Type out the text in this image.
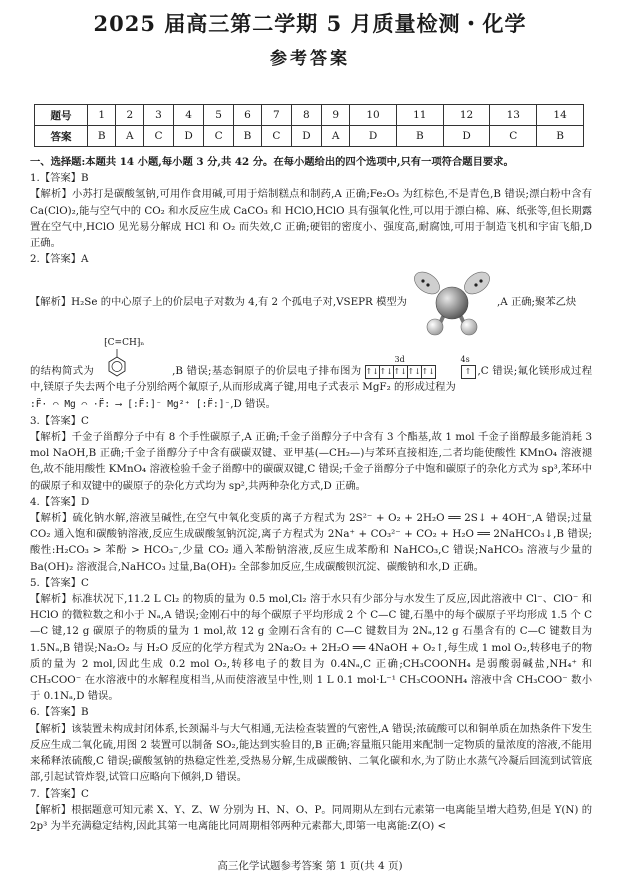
2025 届高三第二学期 5 月质量检测・化学
参考答案
题号	1	2	3	4	5	6	7	8	9	10	11	12	13	14
答案	B	A	C	D	C	B	C	D	A	D	B	D	C	B

一、选择题:本题共 14 小题,每小题 3 分,共 42 分。在每小题给出的四个选项中,只有一项符合题目要求。

1.【答案】B

【解析】小苏打是碳酸氢钠,可用作食用碱,可用于焙制糕点和制药,A 正确;Fe₂O₃ 为红棕色,不是青色,B 错误;漂白粉中含有 Ca(ClO)₂,能与空气中的 CO₂ 和水反应生成 CaCO₃ 和 HClO,HClO 具有强氧化性,可以用于漂白棉、麻、纸张等,但长期露置在空气中,HClO 见光易分解成 HCl 和 O₂ 而失效,C 正确;硬铝的密度小、强度高,耐腐蚀,可用于制造飞机和宇宙飞船,D 正确。

2.【答案】A

【解析】H₂Se 的中心原子上的价层电子对数为 4,有 2 个孤电子对,VSEPR 模型为	,A 正确;聚苯乙炔

的结构简式为
⁅C=CH⁆ₙ
,B 错误;基态铜原子的价层电子排布图为
3d	4s
↑↓↑↓↑↓↑↓↑↓	↑ ,C 错误;氟化镁形成过程中,镁原子失去两个电子分别给两个氟原子,从而形成离子键,用电子式表示 MgF₂ 的形成过程为

:F̈· ⌒ Mg ⌒ ·F̈: ⟶ [:F̈:]⁻ Mg²⁺ [:F̈:]⁻,D 错误。

3.【答案】C

【解析】千金子甾醇分子中有 8 个手性碳原子,A 正确;千金子甾醇分子中含有 3 个酯基,故 1 mol 千金子甾醇最多能消耗 3 mol NaOH,B 正确;千金子甾醇分子中含有碳碳双键、亚甲基(—CH₂—)与苯环直接相连,二者均能使酸性 KMnO₄ 溶液褪色,故不能用酸性 KMnO₄ 溶液检验千金子甾醇中的碳碳双键,C 错误;千金子甾醇分子中饱和碳原子的杂化方式为 sp³,苯环中的碳原子和双键中的碳原子的杂化方式均为 sp²,共两种杂化方式,D 正确。

4.【答案】D

【解析】硫化钠水解,溶液呈碱性,在空气中氧化变质的离子方程式为 2S²⁻ + O₂ + 2H₂O ══ 2S↓ + 4OH⁻,A 错误;过量 CO₂ 通入饱和碳酸钠溶液,反应生成碳酸氢钠沉淀,离子方程式为 2Na⁺ + CO₃²⁻ + CO₂ + H₂O ══ 2NaHCO₃↓,B 错误;酸性:H₂CO₃ > 苯酚 > HCO₃⁻,少量 CO₂ 通入苯酚钠溶液,反应生成苯酚和 NaHCO₃,C 错误;NaHCO₃ 溶液与少量的 Ba(OH)₂ 溶液混合,NaHCO₃ 过量,Ba(OH)₂ 全部参加反应,生成碳酸钡沉淀、碳酸钠和水,D 正确。

5.【答案】C

【解析】标准状况下,11.2 L Cl₂ 的物质的量为 0.5 mol,Cl₂ 溶于水只有少部分与水发生了反应,因此溶液中 Cl⁻、ClO⁻ 和 HClO 的微粒数之和小于 Nₐ,A 错误;金刚石中的每个碳原子平均形成 2 个 C—C 键,石墨中的每个碳原子平均形成 1.5 个 C—C 键,12 g 碳原子的物质的量为 1 mol,故 12 g 金刚石含有的 C—C 键数目为 2Nₐ,12 g 石墨含有的 C—C 键数目为 1.5Nₐ,B 错误;Na₂O₂ 与 H₂O 反应的化学方程式为 2Na₂O₂ + 2H₂O ══ 4NaOH + O₂↑,每生成 1 mol O₂,转移电子的物质的量为 2 mol,因此生成 0.2 mol O₂,转移电子的数目为 0.4Nₐ,C 正确;CH₃COONH₄ 是弱酸弱碱盐,NH₄⁺ 和 CH₃COO⁻ 在水溶液中的水解程度相当,从而使溶液呈中性,则 1 L 0.1 mol·L⁻¹ CH₃COONH₄ 溶液中含 CH₃COO⁻ 数小于 0.1Nₐ,D 错误。

6.【答案】B

【解析】该装置未构成封闭体系,长颈漏斗与大气相通,无法检查装置的气密性,A 错误;浓硫酸可以和铜单质在加热条件下发生反应生成二氧化硫,用图 2 装置可以制备 SO₂,能达到实验目的,B 正确;容量瓶只能用来配制一定物质的量浓度的溶液,不能用来稀释浓硫酸,C 错误;碳酸氢钠的热稳定性差,受热易分解,生成碳酸钠、二氧化碳和水,为了防止水蒸气冷凝后回流到试管底部,引起试管炸裂,试管口应略向下倾斜,D 错误。

7.【答案】C

【解析】根据题意可知元素 X、Y、Z、W 分别为 H、N、O、P。同周期从左到右元素第一电离能呈增大趋势,但是 Y(N) 的 2p³ 为半充满稳定结构,因此其第一电离能比同周期相邻两种元素都大,即第一电离能:Z(O) <

高三化学试题参考答案 第 1 页(共 4 页)
